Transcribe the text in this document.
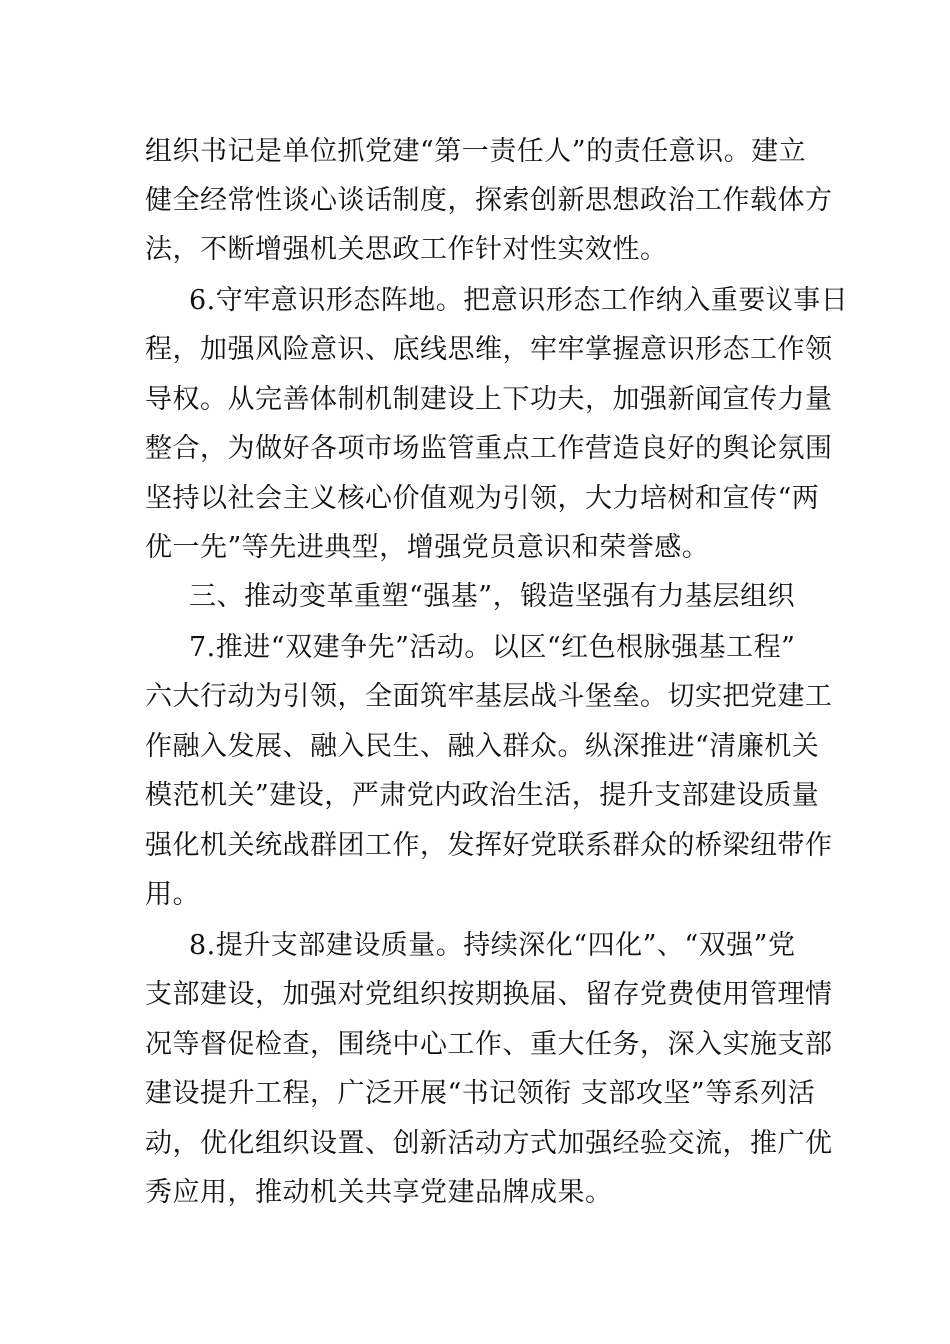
组织书记是单位抓党建“第一责任人”的责任意识。建立
健全经常性谈心谈话制度，探索创新思想政治工作载体方
法，不断增强机关思政工作针对性实效性。
6.守牢意识形态阵地。把意识形态工作纳入重要议事日
程，加强风险意识、底线思维，牢牢掌握意识形态工作领
导权。从完善体制机制建设上下功夫，加强新闻宣传力量
整合，为做好各项市场监管重点工作营造良好的舆论氛围
坚持以社会主义核心价值观为引领，大力培树和宣传“两
优一先”等先进典型，增强党员意识和荣誉感。
三、推动变革重塑“强基”，锻造坚强有力基层组织
7.推进“双建争先”活动。以区“红色根脉强基工程”
六大行动为引领，全面筑牢基层战斗堡垒。切实把党建工
作融入发展、融入民生、融入群众。纵深推进“清廉机关
模范机关”建设，严肃党内政治生活，提升支部建设质量
强化机关统战群团工作，发挥好党联系群众的桥梁纽带作
用。
8.提升支部建设质量。持续深化“四化”、“双强”党
支部建设，加强对党组织按期换届、留存党费使用管理情
况等督促检查，围绕中心工作、重大任务，深入实施支部
建设提升工程，广泛开展“书记领衔 支部攻坚”等系列活
动，优化组织设置、创新活动方式加强经验交流，推广优
秀应用，推动机关共享党建品牌成果。
